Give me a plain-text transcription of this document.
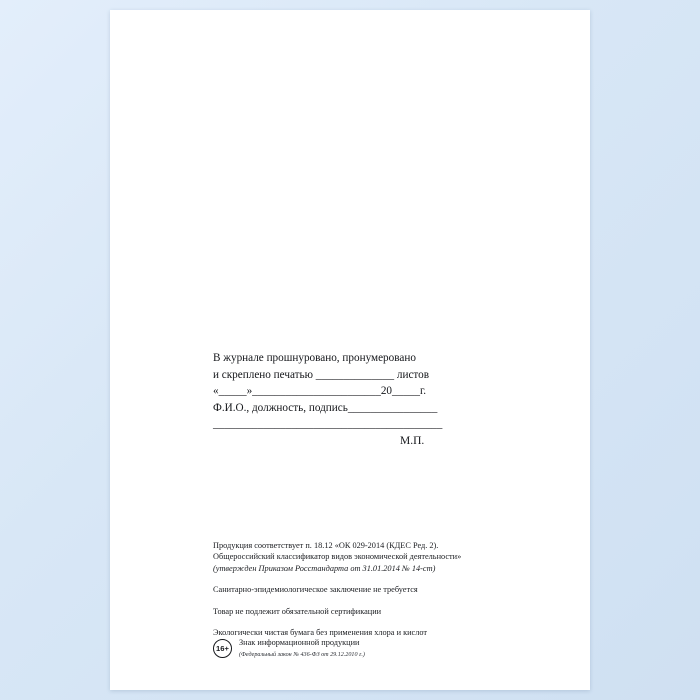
В журнале прошнуровано, пронумеровано
и скреплено печатью ______________ листов
«_____»_______________________20_____г.
Ф.И.О., должность, подпись________________
_________________________________________
М.П.
Продукция соответствует п. 18.12 «ОК 029-2014 (КДЕС Ред. 2).
Общероссийский классификатор видов экономической деятельности»
(утвержден Приказом Росстандарта от 31.01.2014 № 14-ст)
Санитарно-эпидемиологическое заключение не требуется
Товар не подлежит обязательной сертификации
Экологически чистая бумага без применения хлора и кислот
16+
Знак информационной продукции
(Федеральный закон № 436-ФЗ от 29.12.2010 г.)
